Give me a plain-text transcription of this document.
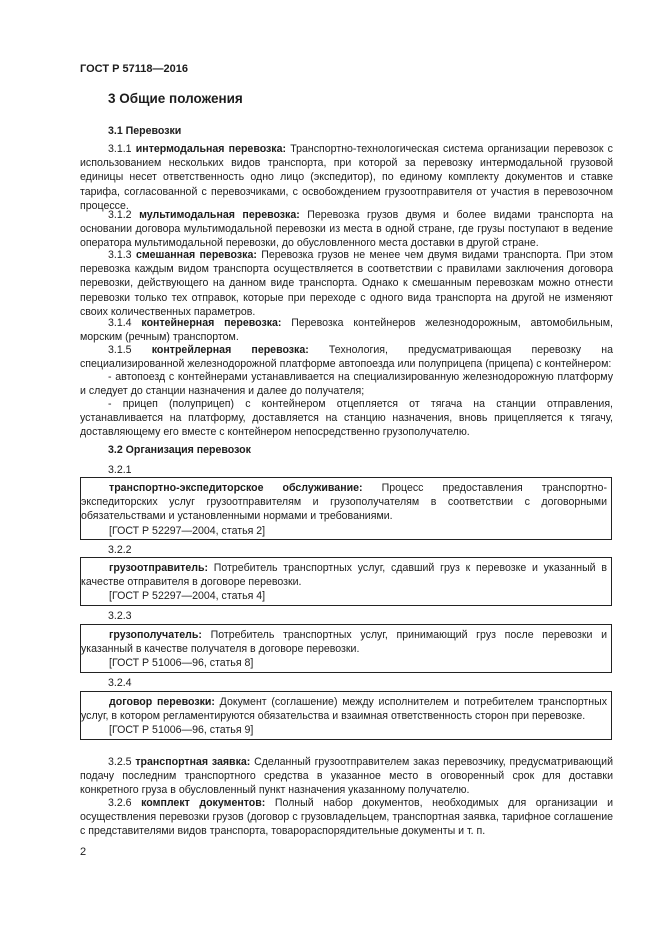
ГОСТ Р 57118—2016
3 Общие положения
3.1 Перевозки
3.1.1 интермодальная перевозка: Транспортно-технологическая система организации перевозок с использованием нескольких видов транспорта, при которой за перевозку интермодальной грузовой единицы несет ответственность одно лицо (экспедитор), по единому комплекту документов и ставке тарифа, согласованной с перевозчиками, с освобождением грузоотправителя от участия в перевозочном процессе.
3.1.2 мультимодальная перевозка: Перевозка грузов двумя и более видами транспорта на основании договора мультимодальной перевозки из места в одной стране, где грузы поступают в ведение оператора мультимодальной перевозки, до обусловленного места доставки в другой стране.
3.1.3 смешанная перевозка: Перевозка грузов не менее чем двумя видами транспорта. При этом перевозка каждым видом транспорта осуществляется в соответствии с правилами заключения договора перевозки, действующего на данном виде транспорта. Однако к смешанным перевозкам можно отнести перевозки только тех отправок, которые при переходе с одного вида транспорта на другой не изменяют своих количественных параметров.
3.1.4 контейнерная перевозка: Перевозка контейнеров железнодорожным, автомобильным, морским (речным) транспортом.
3.1.5 контрейлерная перевозка: Технология, предусматривающая перевозку на специализированной железнодорожной платформе автопоезда или полуприцепа (прицепа) с контейнером:
- автопоезд с контейнерами устанавливается на специализированную железнодорожную платформу и следует до станции назначения и далее до получателя;
- прицеп (полуприцеп) с контейнером отцепляется от тягача на станции отправления, устанавливается на платформу, доставляется на станцию назначения, вновь прицепляется к тягачу, доставляющему его вместе с контейнером непосредственно грузополучателю.
3.2 Организация перевозок
3.2.1
транспортно-экспедиторское обслуживание: Процесс предоставления транспортно-экспедиторских услуг грузоотправителям и грузополучателям в соответствии с договорными обязательствами и установленными нормами и требованиями.
[ГОСТ Р 52297—2004, статья 2]
3.2.2
грузоотправитель: Потребитель транспортных услуг, сдавший груз к перевозке и указанный в качестве отправителя в договоре перевозки.
[ГОСТ Р 52297—2004, статья 4]
3.2.3
грузополучатель: Потребитель транспортных услуг, принимающий груз после перевозки и указанный в качестве получателя в договоре перевозки.
[ГОСТ Р 51006—96, статья 8]
3.2.4
договор перевозки: Документ (соглашение) между исполнителем и потребителем транспортных услуг, в котором регламентируются обязательства и взаимная ответственность сторон при перевозке.
[ГОСТ Р 51006—96, статья 9]
3.2.5 транспортная заявка: Сделанный грузоотправителем заказ перевозчику, предусматривающий подачу последним транспортного средства в указанное место в оговоренный срок для доставки конкретного груза в обусловленный пункт назначения указанному получателю.
3.2.6 комплект документов: Полный набор документов, необходимых для организации и осуществления перевозки грузов (договор с грузовладельцем, транспортная заявка, тарифное соглашение с представителями видов транспорта, товарораспорядительные документы и т. п.
2
